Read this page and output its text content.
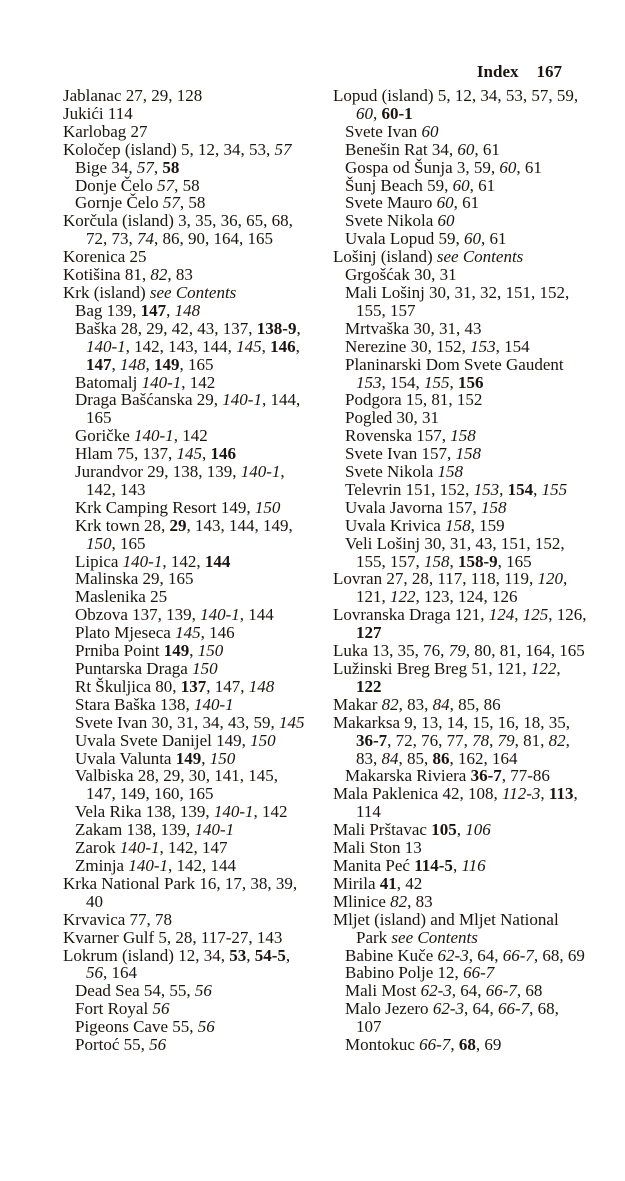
Index 167
Jablanac 27, 29, 128
Jukići 114
Karlobag 27
Koločep (island) 5, 12, 34, 53, 57
Bige 34, 57, 58
Donje Čelo 57, 58
Gornje Čelo 57, 58
Korčula (island) 3, 35, 36, 65, 68, 72, 73, 74, 86, 90, 164, 165
Korenica 25
Kotišina 81, 82, 83
Krk (island) see Contents
Bag 139, 147, 148
Baška 28, 29, 42, 43, 137, 138-9, 140-1, 142, 143, 144, 145, 146, 147, 148, 149, 165
Batomalj 140-1, 142
Draga Bašćanska 29, 140-1, 144, 165
Goričke 140-1, 142
Hlam 75, 137, 145, 146
Jurandvor 29, 138, 139, 140-1, 142, 143
Krk Camping Resort 149, 150
Krk town 28, 29, 143, 144, 149, 150, 165
Lipica 140-1, 142, 144
Malinska 29, 165
Maslenika 25
Obzova 137, 139, 140-1, 144
Plato Mjeseca 145, 146
Prniba Point 149, 150
Puntarska Draga 150
Rt Škuljica 80, 137, 147, 148
Stara Baška 138, 140-1
Svete Ivan 30, 31, 34, 43, 59, 145
Uvala Svete Danijel 149, 150
Uvala Valunta 149, 150
Valbiska 28, 29, 30, 141, 145, 147, 149, 160, 165
Vela Rika 138, 139, 140-1, 142
Zakam 138, 139, 140-1
Zarok 140-1, 142, 147
Zminja 140-1, 142, 144
Krka National Park 16, 17, 38, 39, 40
Krvavica 77, 78
Kvarner Gulf 5, 28, 117-27, 143
Lokrum (island) 12, 34, 53, 54-5, 56, 164
Dead Sea 54, 55, 56
Fort Royal 56
Pigeons Cave 55, 56
Portoć 55, 56
Lopud (island) 5, 12, 34, 53, 57, 59, 60, 60-1
Svete Ivan 60
Benešin Rat 34, 60, 61
Gospa od Šunja 3, 59, 60, 61
Šunj Beach 59, 60, 61
Svete Mauro 60, 61
Svete Nikola 60
Uvala Lopud 59, 60, 61
Lošinj (island) see Contents
Grgošćak 30, 31
Mali Lošinj 30, 31, 32, 151, 152, 155, 157
Mrtvaška 30, 31, 43
Nerezine 30, 152, 153, 154
Planinarski Dom Svete Gaudent 153, 154, 155, 156
Podgora 15, 81, 152
Pogled 30, 31
Rovenska 157, 158
Svete Ivan 157, 158
Svete Nikola 158
Televrin 151, 152, 153, 154, 155
Uvala Javorna 157, 158
Uvala Krivica 158, 159
Veli Lošinj 30, 31, 43, 151, 152, 155, 157, 158, 158-9, 165
Lovran 27, 28, 117, 118, 119, 120, 121, 122, 123, 124, 126
Lovranska Draga 121, 124, 125, 126, 127
Luka 13, 35, 76, 79, 80, 81, 164, 165
Lužinski Breg Breg 51, 121, 122, 122
Makar 82, 83, 84, 85, 86
Makarksa 9, 13, 14, 15, 16, 18, 35, 36-7, 72, 76, 77, 78, 79, 81, 82, 83, 84, 85, 86, 162, 164
Makarska Riviera 36-7, 77-86
Mala Paklenica 42, 108, 112-3, 113, 114
Mali Prštavac 105, 106
Mali Ston 13
Manita Peć 114-5, 116
Mirila 41, 42
Mlinice 82, 83
Mljet (island) and Mljet National Park see Contents
Babine Kuče 62-3, 64, 66-7, 68, 69
Babino Polje 12, 66-7
Mali Most 62-3, 64, 66-7, 68
Malo Jezero 62-3, 64, 66-7, 68, 107
Montokuc 66-7, 68, 69
